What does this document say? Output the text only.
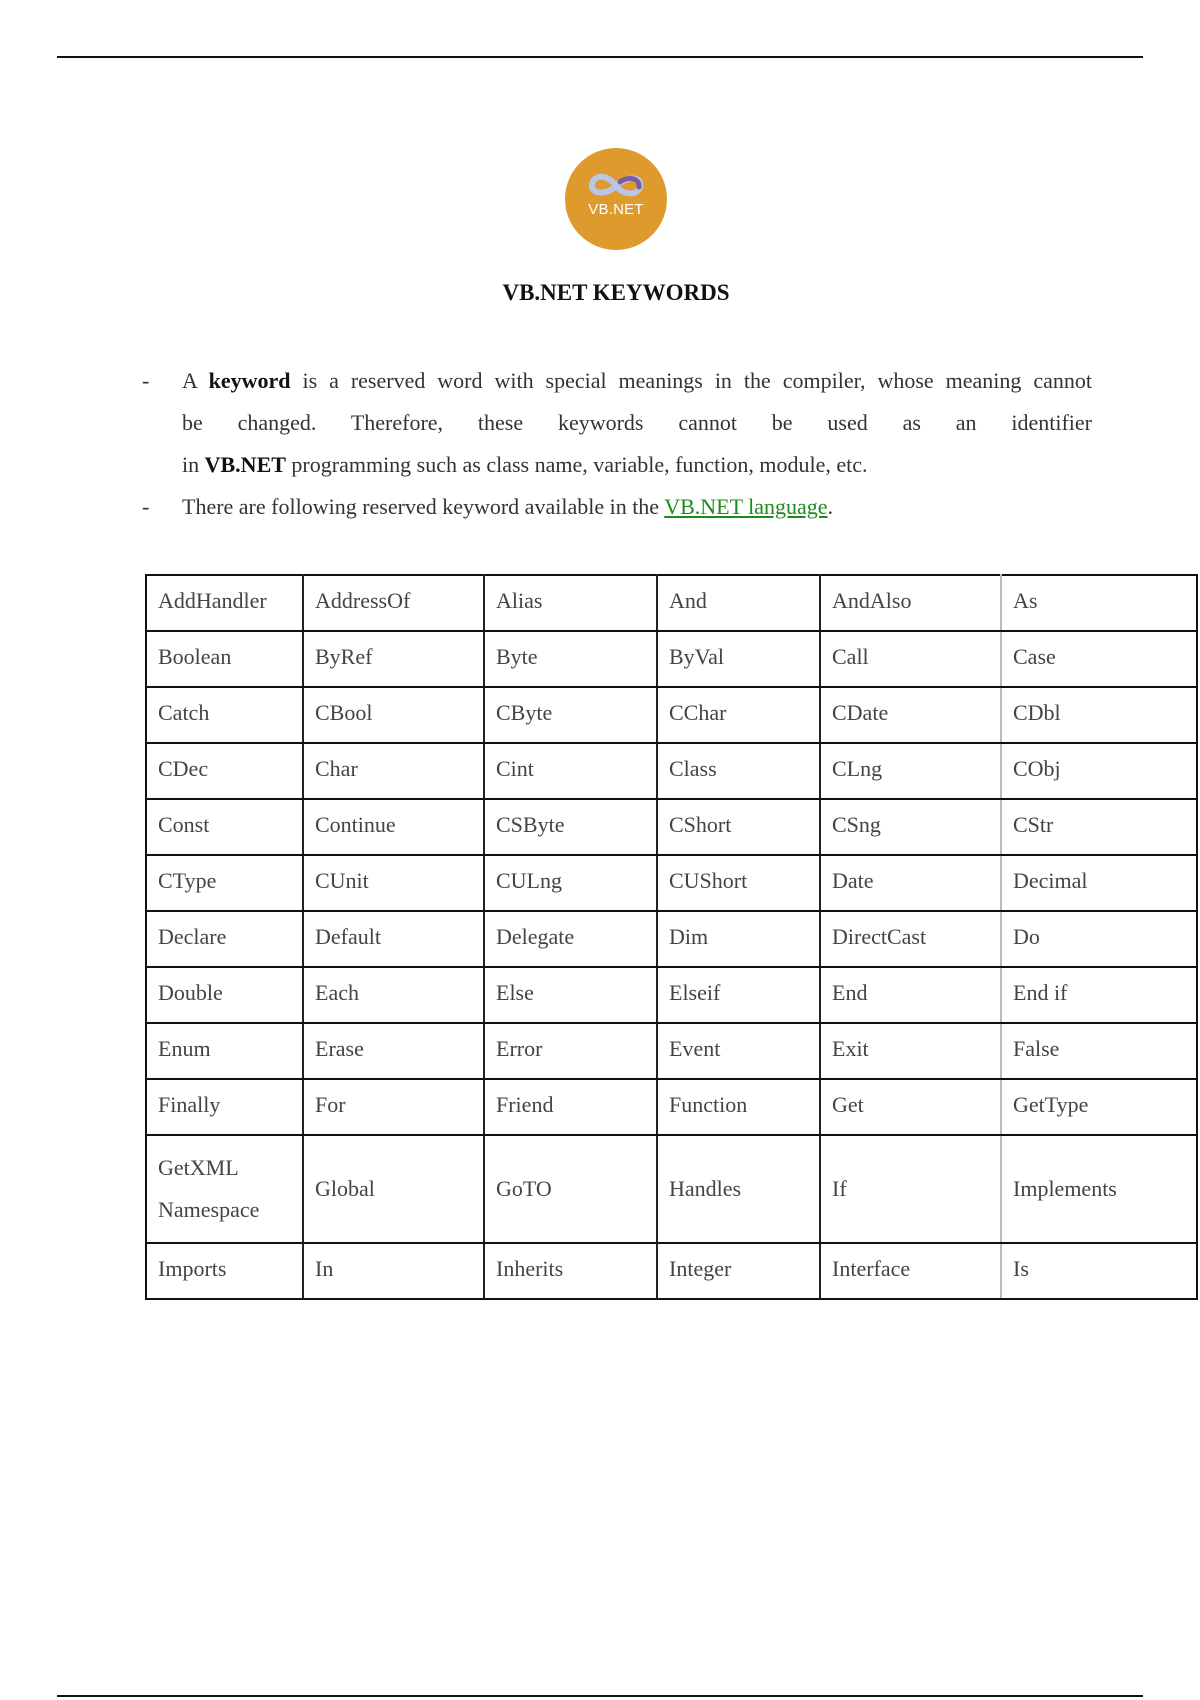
VB.NET
VB.NET KEYWORDS
- A keyword is a reserved word with special meanings in the compiler, whose meaning cannot

be changed. Therefore, these keywords cannot be used as an identifier

in VB.NET programming such as class name, variable, function, module, etc.

- There are following reserved keyword available in the VB.NET language.

AddHandler	AddressOf	Alias	And	AndAlso	As
Boolean	ByRef	Byte	ByVal	Call	Case
Catch	CBool	CByte	CChar	CDate	CDbl
CDec	Char	Cint	Class	CLng	CObj
Const	Continue	CSByte	CShort	CSng	CStr
CType	CUnit	CULng	CUShort	Date	Decimal
Declare	Default	Delegate	Dim	DirectCast	Do
Double	Each	Else	Elseif	End	End if
Enum	Erase	Error	Event	Exit	False
Finally	For	Friend	Function	Get	GetType
GetXML Namespace	Global	GoTO	Handles	If	Implements
Imports	In	Inherits	Integer	Interface	Is
